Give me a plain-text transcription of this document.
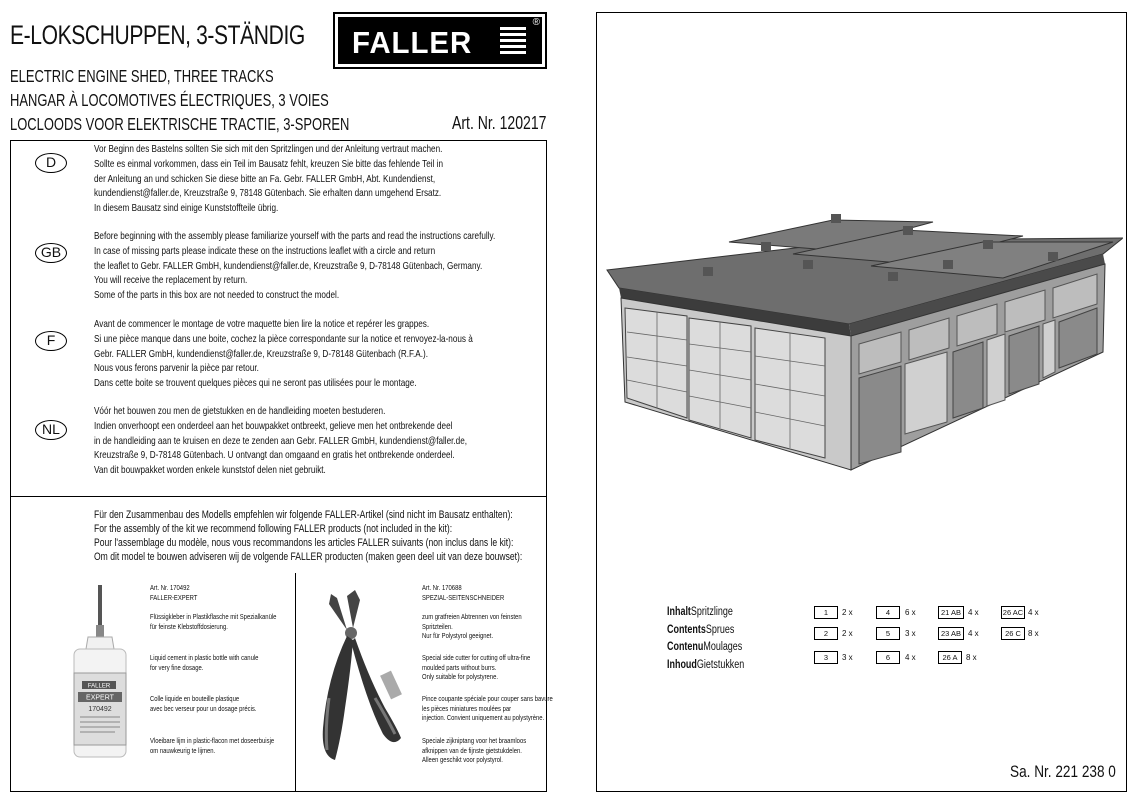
E-LOKSCHUPPEN, 3-STÄNDIG
ELECTRIC ENGINE SHED, THREE TRACKS
HANGAR À LOCOMOTIVES ÉLECTRIQUES, 3 VOIES
LOCLOODS VOOR ELEKTRISCHE TRACTIE, 3-SPOREN	Art. Nr. 120217
FALLER
®
D
Vor Beginn des Bastelns sollten Sie sich mit den Spritzlingen und der Anleitung vertraut machen.
Sollte es einmal vorkommen, dass ein Teil im Bausatz fehlt, kreuzen Sie bitte das fehlende Teil in
der Anleitung an und schicken Sie diese bitte an Fa. Gebr. FALLER GmbH, Abt. Kundendienst,
kundendienst@faller.de, Kreuzstraße 9, 78148 Gütenbach. Sie erhalten dann umgehend Ersatz.
In diesem Bausatz sind einige Kunststoffteile übrig.
GB
Before beginning with the assembly please familiarize yourself with the parts and read the instructions carefully.
In case of missing parts please indicate these on the instructions leaflet with a circle and return
the leaflet to Gebr. FALLER GmbH, kundendienst@faller.de, Kreuzstraße 9, D-78148 Gütenbach, Germany.
You will receive the replacement by return.
Some of the parts in this box are not needed to construct the model.
F
Avant de commencer le montage de votre maquette bien lire la notice et repérer les grappes.
Si une pièce manque dans une boite, cochez la pièce correspondante sur la notice et renvoyez-la-nous à
Gebr. FALLER GmbH, kundendienst@faller.de, Kreuzstraße 9, D-78148 Gütenbach (R.F.A.).
Nous vous ferons parvenir la pièce par retour.
Dans cette boite se trouvent quelques pièces qui ne seront pas utilisées pour le montage.
NL
Vóór het bouwen zou men de gietstukken en de handleiding moeten bestuderen.
Indien onverhoopt een onderdeel aan het bouwpakket ontbreekt, gelieve men het ontbrekende deel
in de handleiding aan te kruisen en deze te zenden aan Gebr. FALLER GmbH, kundendienst@faller.de,
Kreuzstraße 9, D-78148 Gütenbach. U ontvangt dan omgaand en gratis het ontbrekende onderdeel.
Van dit bouwpakket worden enkele kunststof delen niet gebruikt.
Für den Zusammenbau des Modells empfehlen wir folgende FALLER-Artikel (sind nicht im Bausatz enthalten):
For the assembly of the kit we recommend following FALLER products (not included in the kit):
Pour l'assemblage du modèle, nous vous recommandons les articles FALLER suivants (non inclus dans le kit):
Om dit model te bouwen adviseren wij de volgende FALLER producten (maken geen deel uit van deze bouwset):
FALLER
EXPERT
170492
Art. Nr. 170492
FALLER-EXPERT
Flüssigkleber in Plastikflasche mit Spezialkanüle
für feinste Klebstoffdosierung.
Liquid cement in plastic bottle with canule
for very fine dosage.
Colle liquide en bouteille plastique
avec bec verseur pour un dosage précis.
Vloeibare lijm in plastic-flacon met doseerbuisje
om nauwkeurig te lijmen.
Art. Nr. 170688
SPEZIAL-SEITENSCHNEIDER
zum gratfreien Abtrennen von feinsten
Spritzteilen.
Nur für Polystyrol geeignet.
Special side cutter for cutting off ultra-fine
moulded parts without burrs.
Only suitable for polystyrene.
Pince coupante spéciale pour couper sans bavure
les pièces miniatures moulées par
injection. Convient uniquement au polystyrène.
Speciale zijkniptang voor het braamloos
afknippen van de fijnste gietstukdelen.
Alleen geschikt voor polystyrol.
InhaltSpritzlinge
ContentsSprues
ContenuMoulages
InhoudGietstukken
1	2 x	4	6 x	21 AB 4 x	26 AC 4 x
2	2 x	5	3 x	23 AB 4 x	26 C 8 x
3	3 x	6	4 x	26 A	8 x
Sa. Nr. 221 238 0
